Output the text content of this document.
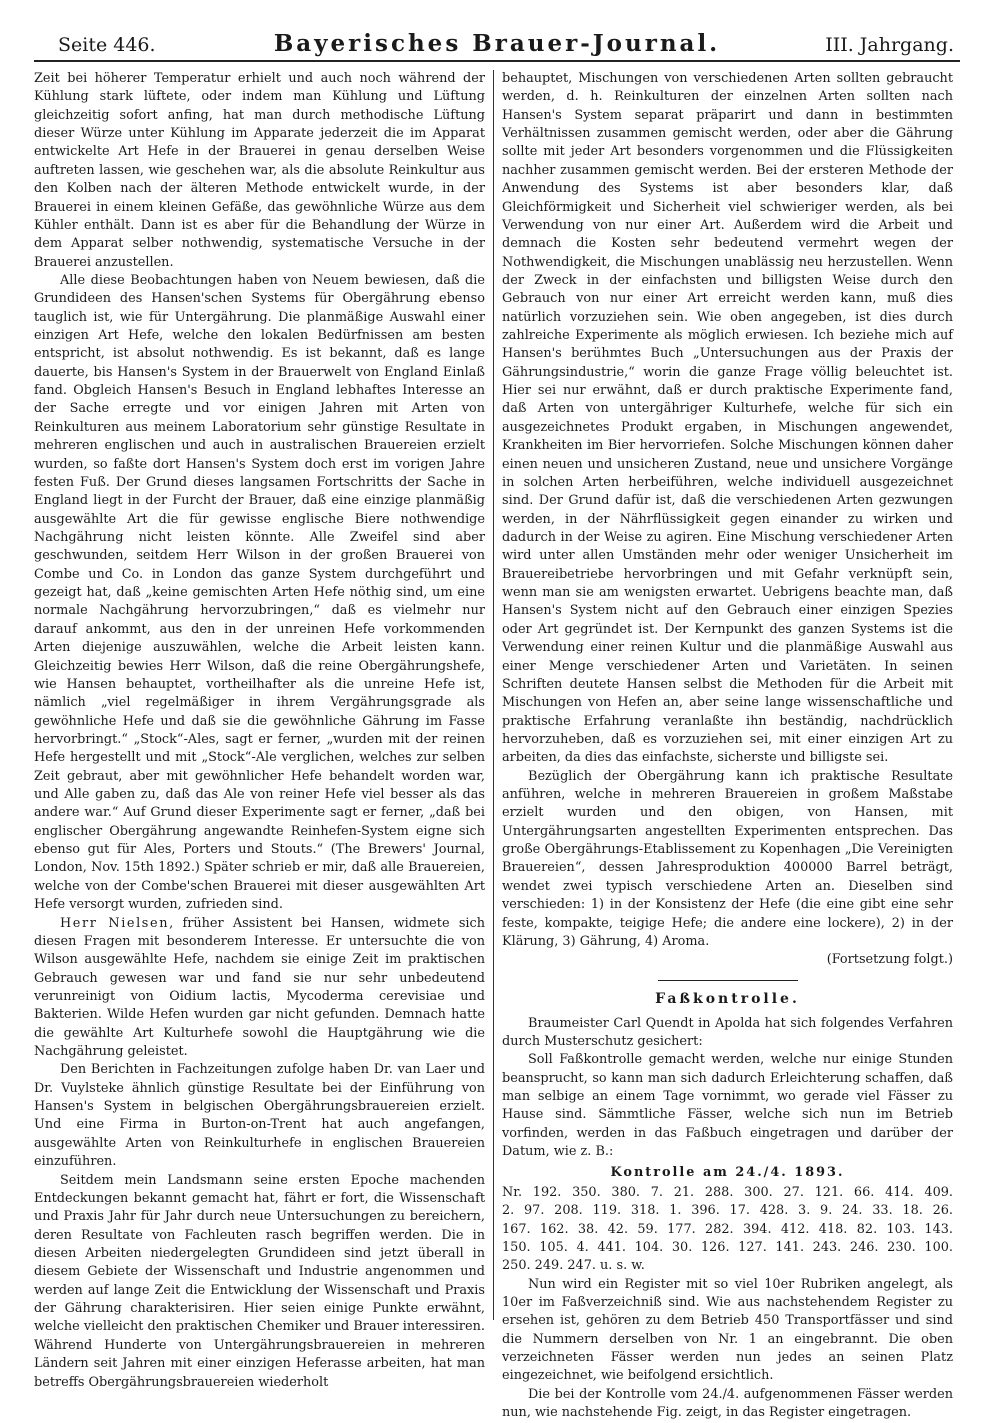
Seite 446.	Bayerisches Brauer-Journal.	III. Jahrgang.

Zeit bei höherer Temperatur erhielt und auch noch während der Kühlung stark lüftete, oder indem man Kühlung und Lüftung gleichzeitig sofort anfing, hat man durch methodische Lüftung dieser Würze unter Kühlung im Apparate jederzeit die im Apparat entwickelte Art Hefe in der Brauerei in genau derselben Weise auftreten lassen, wie geschehen war, als die absolute Reinkultur aus den Kolben nach der älteren Methode entwickelt wurde, in der Brauerei in einem kleinen Gefäße, das gewöhnliche Würze aus dem Kühler enthält. Dann ist es aber für die Behandlung der Würze in dem Apparat selber nothwendig, systematische Versuche in der Brauerei anzustellen.

Alle diese Beobachtungen haben von Neuem bewiesen, daß die Grundideen des Hansen'schen Systems für Obergährung ebenso tauglich ist, wie für Untergährung. Die planmäßige Auswahl einer einzigen Art Hefe, welche den lokalen Bedürfnissen am besten entspricht, ist absolut nothwendig. Es ist bekannt, daß es lange dauerte, bis Hansen's System in der Brauerwelt von England Einlaß fand. Obgleich Hansen's Besuch in England lebhaftes Interesse an der Sache erregte und vor einigen Jahren mit Arten von Reinkulturen aus meinem Laboratorium sehr günstige Resultate in mehreren englischen und auch in australischen Brauereien erzielt wurden, so faßte dort Hansen's System doch erst im vorigen Jahre festen Fuß. Der Grund dieses langsamen Fortschritts der Sache in England liegt in der Furcht der Brauer, daß eine einzige planmäßig ausgewählte Art die für gewisse englische Biere nothwendige Nachgährung nicht leisten könnte. Alle Zweifel sind aber geschwunden, seitdem Herr Wilson in der großen Brauerei von Combe und Co. in London das ganze System durchgeführt und gezeigt hat, daß „keine gemischten Arten Hefe nöthig sind, um eine normale Nachgährung hervorzubringen,“ daß es vielmehr nur darauf ankommt, aus den in der unreinen Hefe vorkommenden Arten diejenige auszuwählen, welche die Arbeit leisten kann. Gleichzeitig bewies Herr Wilson, daß die reine Obergährungshefe, wie Hansen behauptet, vortheilhafter als die unreine Hefe ist, nämlich „viel regelmäßiger in ihrem Vergährungsgrade als gewöhnliche Hefe und daß sie die gewöhnliche Gährung im Fasse hervorbringt.“ „Stock“-Ales, sagt er ferner, „wurden mit der reinen Hefe hergestellt und mit „Stock“-Ale verglichen, welches zur selben Zeit gebraut, aber mit gewöhnlicher Hefe behandelt worden war, und Alle gaben zu, daß das Ale von reiner Hefe viel besser als das andere war.“ Auf Grund dieser Experimente sagt er ferner, „daß bei englischer Obergährung angewandte Reinhefen-System eigne sich ebenso gut für Ales, Porters und Stouts.“ (The Brewers' Journal, London, Nov. 15th 1892.) Später schrieb er mir, daß alle Brauereien, welche von der Combe'schen Brauerei mit dieser ausgewählten Art Hefe versorgt wurden, zufrieden sind.

Herr Nielsen, früher Assistent bei Hansen, widmete sich diesen Fragen mit besonderem Interesse. Er untersuchte die von Wilson ausgewählte Hefe, nachdem sie einige Zeit im praktischen Gebrauch gewesen war und fand sie nur sehr unbedeutend verunreinigt von Oidium lactis, Mycoderma cerevisiae und Bakterien. Wilde Hefen wurden gar nicht gefunden. Demnach hatte die gewählte Art Kulturhefe sowohl die Hauptgährung wie die Nachgährung geleistet.

Den Berichten in Fachzeitungen zufolge haben Dr. van Laer und Dr. Vuylsteke ähnlich günstige Resultate bei der Einführung von Hansen's System in belgischen Obergährungsbrauereien erzielt. Und eine Firma in Burton-on-Trent hat auch angefangen, ausgewählte Arten von Reinkulturhefe in englischen Brauereien einzuführen.

Seitdem mein Landsmann seine ersten Epoche machenden Entdeckungen bekannt gemacht hat, fährt er fort, die Wissenschaft und Praxis Jahr für Jahr durch neue Untersuchungen zu bereichern, deren Resultate von Fachleuten rasch begriffen werden. Die in diesen Arbeiten niedergelegten Grundideen sind jetzt überall in diesem Gebiete der Wissenschaft und Industrie angenommen und werden auf lange Zeit die Entwicklung der Wissenschaft und Praxis der Gährung charakterisiren. Hier seien einige Punkte erwähnt, welche vielleicht den praktischen Chemiker und Brauer interessiren. Während Hunderte von Untergährungsbrauereien in mehreren Ländern seit Jahren mit einer einzigen Heferasse arbeiten, hat man betreffs Obergährungsbrauereien wiederholt

behauptet, Mischungen von verschiedenen Arten sollten gebraucht werden, d. h. Reinkulturen der einzelnen Arten sollten nach Hansen's System separat präparirt und dann in bestimmten Verhältnissen zusammen gemischt werden, oder aber die Gährung sollte mit jeder Art besonders vorgenommen und die Flüssigkeiten nachher zusammen gemischt werden. Bei der ersteren Methode der Anwendung des Systems ist aber besonders klar, daß Gleichförmigkeit und Sicherheit viel schwieriger werden, als bei Verwendung von nur einer Art. Außerdem wird die Arbeit und demnach die Kosten sehr bedeutend vermehrt wegen der Nothwendigkeit, die Mischungen unablässig neu herzustellen. Wenn der Zweck in der einfachsten und billigsten Weise durch den Gebrauch von nur einer Art erreicht werden kann, muß dies natürlich vorzuziehen sein. Wie oben angegeben, ist dies durch zahlreiche Experimente als möglich erwiesen. Ich beziehe mich auf Hansen's berühmtes Buch „Untersuchungen aus der Praxis der Gährungsindustrie,“ worin die ganze Frage völlig beleuchtet ist. Hier sei nur erwähnt, daß er durch praktische Experimente fand, daß Arten von untergähriger Kulturhefe, welche für sich ein ausgezeichnetes Produkt ergaben, in Mischungen angewendet, Krankheiten im Bier hervorriefen. Solche Mischungen können daher einen neuen und unsicheren Zustand, neue und unsichere Vorgänge in solchen Arten herbeiführen, welche individuell ausgezeichnet sind. Der Grund dafür ist, daß die verschiedenen Arten gezwungen werden, in der Nährflüssigkeit gegen einander zu wirken und dadurch in der Weise zu agiren. Eine Mischung verschiedener Arten wird unter allen Umständen mehr oder weniger Unsicherheit im Brauereibetriebe hervorbringen und mit Gefahr verknüpft sein, wenn man sie am wenigsten erwartet. Uebrigens beachte man, daß Hansen's System nicht auf den Gebrauch einer einzigen Spezies oder Art gegründet ist. Der Kernpunkt des ganzen Systems ist die Verwendung einer reinen Kultur und die planmäßige Auswahl aus einer Menge verschiedener Arten und Varietäten. In seinen Schriften deutete Hansen selbst die Methoden für die Arbeit mit Mischungen von Hefen an, aber seine lange wissenschaftliche und praktische Erfahrung veranlaßte ihn beständig, nachdrücklich hervorzuheben, daß es vorzuziehen sei, mit einer einzigen Art zu arbeiten, da dies das einfachste, sicherste und billigste sei.

Bezüglich der Obergährung kann ich praktische Resultate anführen, welche in mehreren Brauereien in großem Maßstabe erzielt wurden und den obigen, von Hansen, mit Untergährungsarten angestellten Experimenten entsprechen. Das große Obergährungs-Etablissement zu Kopenhagen „Die Vereinigten Brauereien“, dessen Jahresproduktion 400000 Barrel beträgt, wendet zwei typisch verschiedene Arten an. Dieselben sind verschieden: 1) in der Konsistenz der Hefe (die eine gibt eine sehr feste, kompakte, teigige Hefe; die andere eine lockere), 2) in der Klärung, 3) Gährung, 4) Aroma.

(Fortsetzung folgt.)
Faßkontrolle.

Braumeister Carl Quendt in Apolda hat sich folgendes Verfahren durch Musterschutz gesichert:

Soll Faßkontrolle gemacht werden, welche nur einige Stunden beansprucht, so kann man sich dadurch Erleichterung schaffen, daß man selbige an einem Tage vornimmt, wo gerade viel Fässer zu Hause sind. Sämmtliche Fässer, welche sich nun im Betrieb vorfinden, werden in das Faßbuch eingetragen und darüber der Datum, wie z. B.:

Kontrolle am 24./4. 1893.
Nr. 192. 350. 380. 7. 21. 288. 300. 27. 121. 66. 414. 409.
2. 97. 208. 119. 318. 1. 396. 17. 428. 3. 9. 24. 33. 18. 26.
167. 162. 38. 42. 59. 177. 282. 394. 412. 418. 82. 103. 143.
150. 105. 4. 441. 104. 30. 126. 127. 141. 243. 246. 230. 100.
250. 249. 247. u. s. w.

Nun wird ein Register mit so viel 10er Rubriken angelegt, als 10er im Faßverzeichniß sind. Wie aus nachstehendem Register zu ersehen ist, gehören zu dem Betrieb 450 Transportfässer und sind die Nummern derselben von Nr. 1 an eingebrannt. Die oben verzeichneten Fässer werden nun jedes an seinen Platz eingezeichnet, wie beifolgend ersichtlich.

Die bei der Kontrolle vom 24./4. aufgenommenen Fässer werden nun, wie nachstehende Fig. zeigt, in das Register eingetragen.
